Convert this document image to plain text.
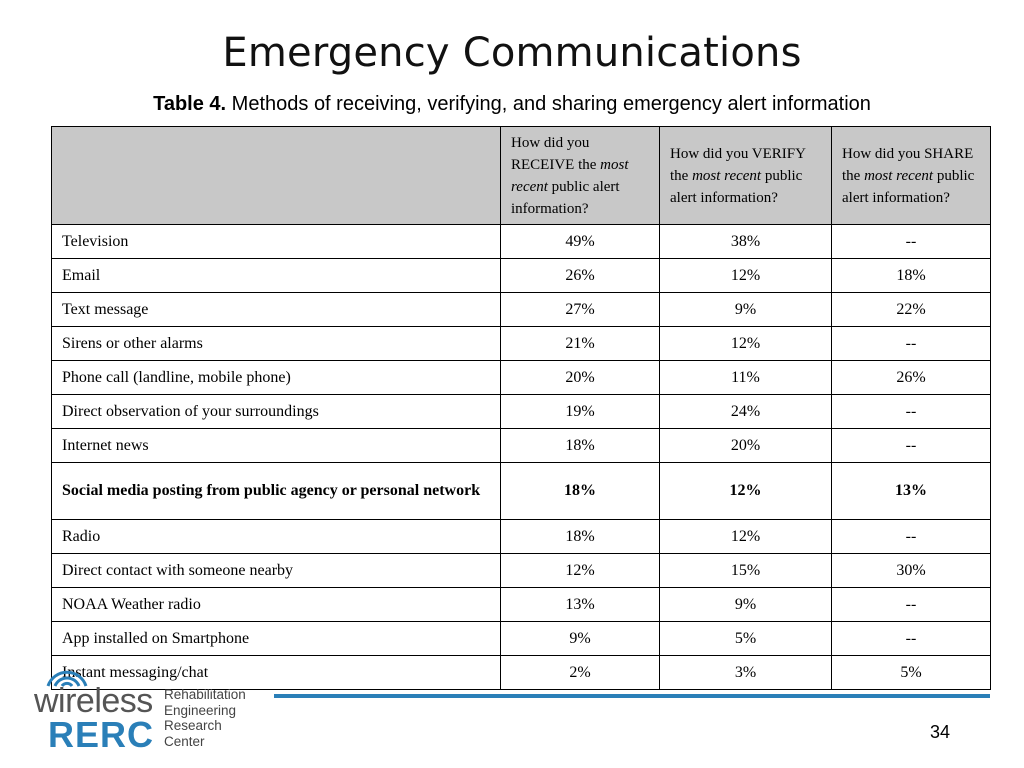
Emergency Communications
Table 4. Methods of receiving, verifying, and sharing emergency alert information
	How did you RECEIVE the most recent public alert information?	How did you VERIFY the most recent public alert information?	How did you SHARE the most recent public alert information?
Television	49%	38%	--
Email	26%	12%	18%
Text message	27%	9%	22%
Sirens or other alarms	21%	12%	--
Phone call (landline, mobile phone)	20%	11%	26%
Direct observation of your surroundings	19%	24%	--
Internet news	18%	20%	--
Social media posting from public agency or personal network	18%	12%	13%
Radio	18%	12%	--
Direct contact with someone nearby	12%	15%	30%
NOAA Weather radio	13%	9%	--
App installed on Smartphone	9%	5%	--
Instant messaging/chat	2%	3%	5%
wireless
RERC
Rehabilitation
Engineering
Research
Center	34
